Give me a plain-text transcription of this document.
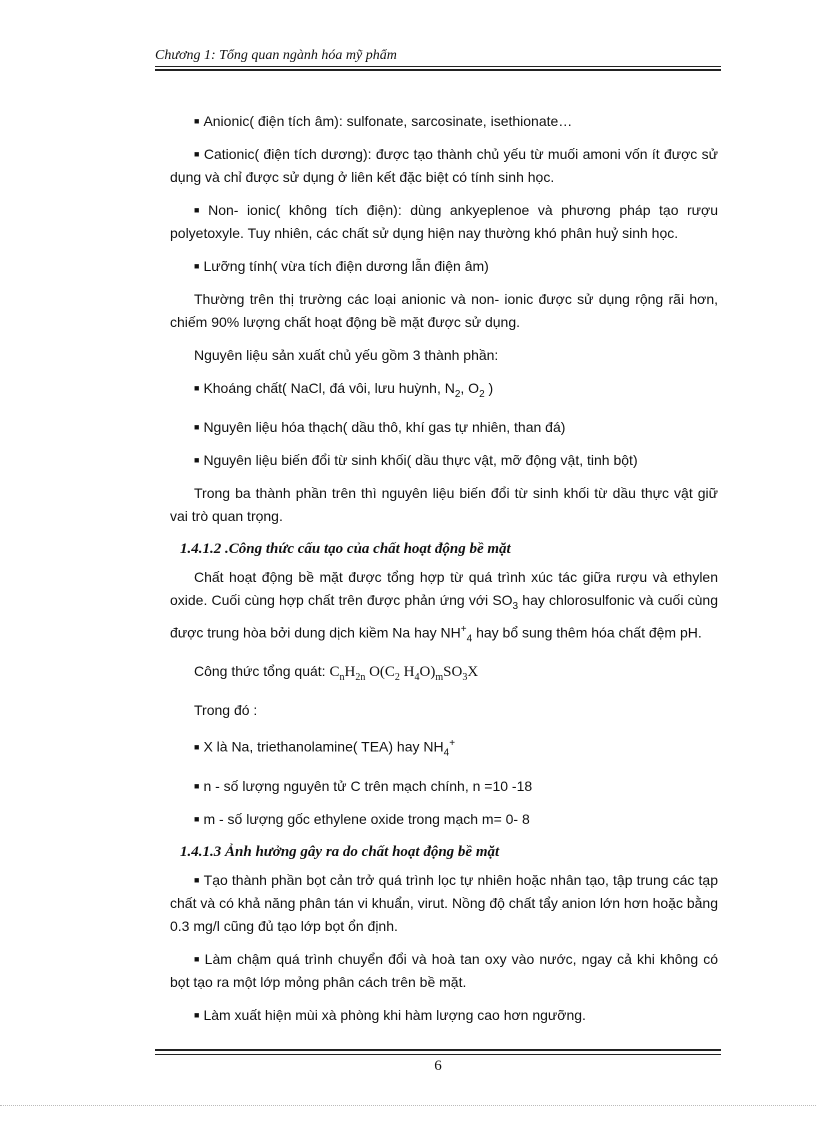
Chương 1: Tổng quan ngành hóa mỹ phẩm

■ Anionic( điện tích âm): sulfonate, sarcosinate, isethionate…

■ Cationic( điện tích dương): được tạo thành chủ yếu từ muối amoni vốn ít được sử dụng và chỉ được sử dụng ở liên kết đặc biệt có tính sinh học.

■ Non- ionic( không tích điện): dùng ankyeplenoe và phương pháp tạo rượu polyetoxyle. Tuy nhiên, các chất sử dụng hiện nay thường khó phân huỷ sinh học.

■ Lưỡng tính( vừa tích điện dương lẫn điện âm)

Thường trên thị trường các loại anionic và non- ionic được sử dụng rộng rãi hơn, chiếm 90% lượng chất hoạt động bề mặt được sử dụng.

Nguyên liệu sản xuất chủ yếu gồm 3 thành phần:

■ Khoáng chất( NaCl, đá vôi, lưu huỳnh, $N_2$, $O_2$ )

■ Nguyên liệu hóa thạch( dầu thô, khí gas tự nhiên, than đá)

■ Nguyên liệu biến đổi từ sinh khối( dầu thực vật, mỡ động vật, tinh bột)

Trong ba thành phần trên thì nguyên liệu biến đổi từ sinh khối từ dầu thực vật giữ vai trò quan trọng.

1.4.1.2 .Công thức cấu tạo của chất hoạt động bề mặt

Chất hoạt động bề mặt được tổng hợp từ quá trình xúc tác giữa rượu và ethylen oxide. Cuối cùng hợp chất trên được phản ứng với $SO_3$ hay chlorosulfonic và cuối cùng được trung hòa bởi dung dịch kiềm Na hay $NH^+_4$ hay bổ sung thêm hóa chất đệm pH.

Công thức tổng quát: $C_nH_{2n}$ $O(C_2$ $H_4O)_mSO_3X$

Trong đó :

■ X là Na, triethanolamine( TEA) hay $NH_4^+$

■ n - số lượng nguyên tử C trên mạch chính, n =10 -18

■ m - số lượng gốc ethylene oxide trong mạch m= 0- 8

1.4.1.3 Ảnh hưởng gây ra do chất hoạt động bề mặt

■ Tạo thành phần bọt cản trở quá trình lọc tự nhiên hoặc nhân tạo, tập trung các tạp chất và có khả năng phân tán vi khuẩn, virut. Nồng độ chất tẩy anion lớn hơn hoặc bằng 0.3 mg/l cũng đủ tạo lớp bọt ổn định.

■ Làm chậm quá trình chuyển đổi và hoà tan oxy vào nước, ngay cả khi không có bọt tạo ra một lớp mỏng phân cách trên bề mặt.

■ Làm xuất hiện mùi xà phòng khi hàm lượng cao hơn ngưỡng.

6
